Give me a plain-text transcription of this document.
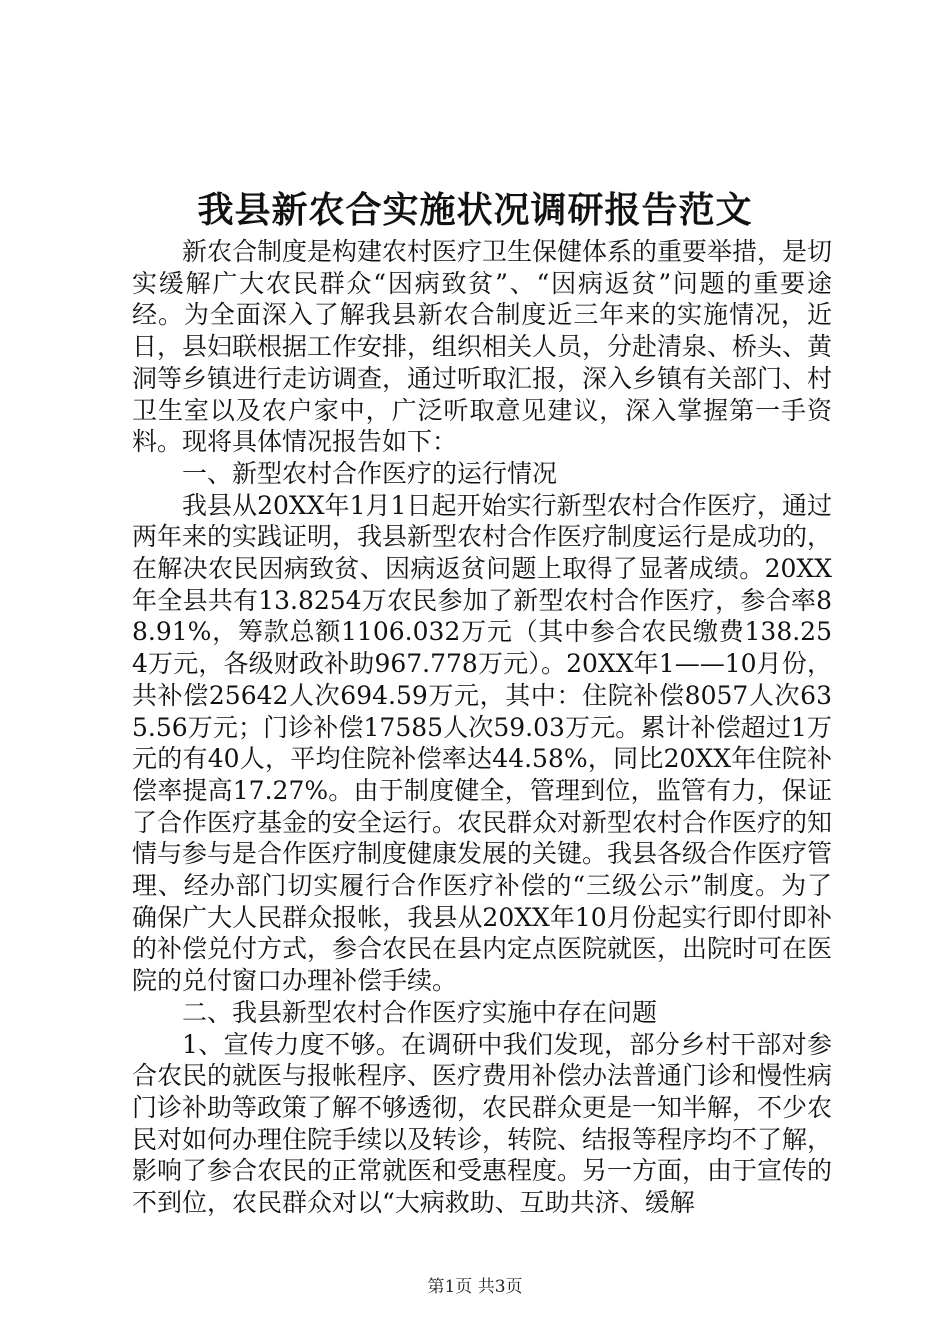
我县新农合实施状况调研报告范文

新农合制度是构建农村医疗卫生保健体系的重要举措，是切实缓解广大农民群众“因病致贫”、“因病返贫”问题的重要途经。为全面深入了解我县新农合制度近三年来的实施情况，近日，县妇联根据工作安排，组织相关人员，分赴清泉、桥头、黄洞等乡镇进行走访调查，通过听取汇报，深入乡镇有关部门、村卫生室以及农户家中，广泛听取意见建议，深入掌握第一手资料。现将具体情况报告如下：

一、新型农村合作医疗的运行情况

我县从20XX年1月1日起开始实行新型农村合作医疗，通过两年来的实践证明，我县新型农村合作医疗制度运行是成功的，在解决农民因病致贫、因病返贫问题上取得了显著成绩。20XX年全县共有13.8254万农民参加了新型农村合作医疗，参合率88.91%，筹款总额1106.032万元（其中参合农民缴费138.254万元，各级财政补助967.778万元）。20XX年1——10月份，共补偿25642人次694.59万元，其中：住院补偿8057人次635.56万元；门诊补偿17585人次59.03万元。累计补偿超过1万元的有40人，平均住院补偿率达44.58%，同比20XX年住院补偿率提高17.27%。由于制度健全，管理到位，监管有力，保证了合作医疗基金的安全运行。农民群众对新型农村合作医疗的知情与参与是合作医疗制度健康发展的关键。我县各级合作医疗管理、经办部门切实履行合作医疗补偿的“三级公示”制度。为了确保广大人民群众报帐，我县从20XX年10月份起实行即付即补的补偿兑付方式，参合农民在县内定点医院就医，出院时可在医院的兑付窗口办理补偿手续。

二、我县新型农村合作医疗实施中存在问题

1、宣传力度不够。在调研中我们发现，部分乡村干部对参合农民的就医与报帐程序、医疗费用补偿办法普通门诊和慢性病门诊补助等政策了解不够透彻，农民群众更是一知半解，不少农民对如何办理住院手续以及转诊，转院、结报等程序均不了解，影响了参合农民的正常就医和受惠程度。另一方面，由于宣传的不到位，农民群众对以“大病救助、互助共济、缓解

第1页 共3页
